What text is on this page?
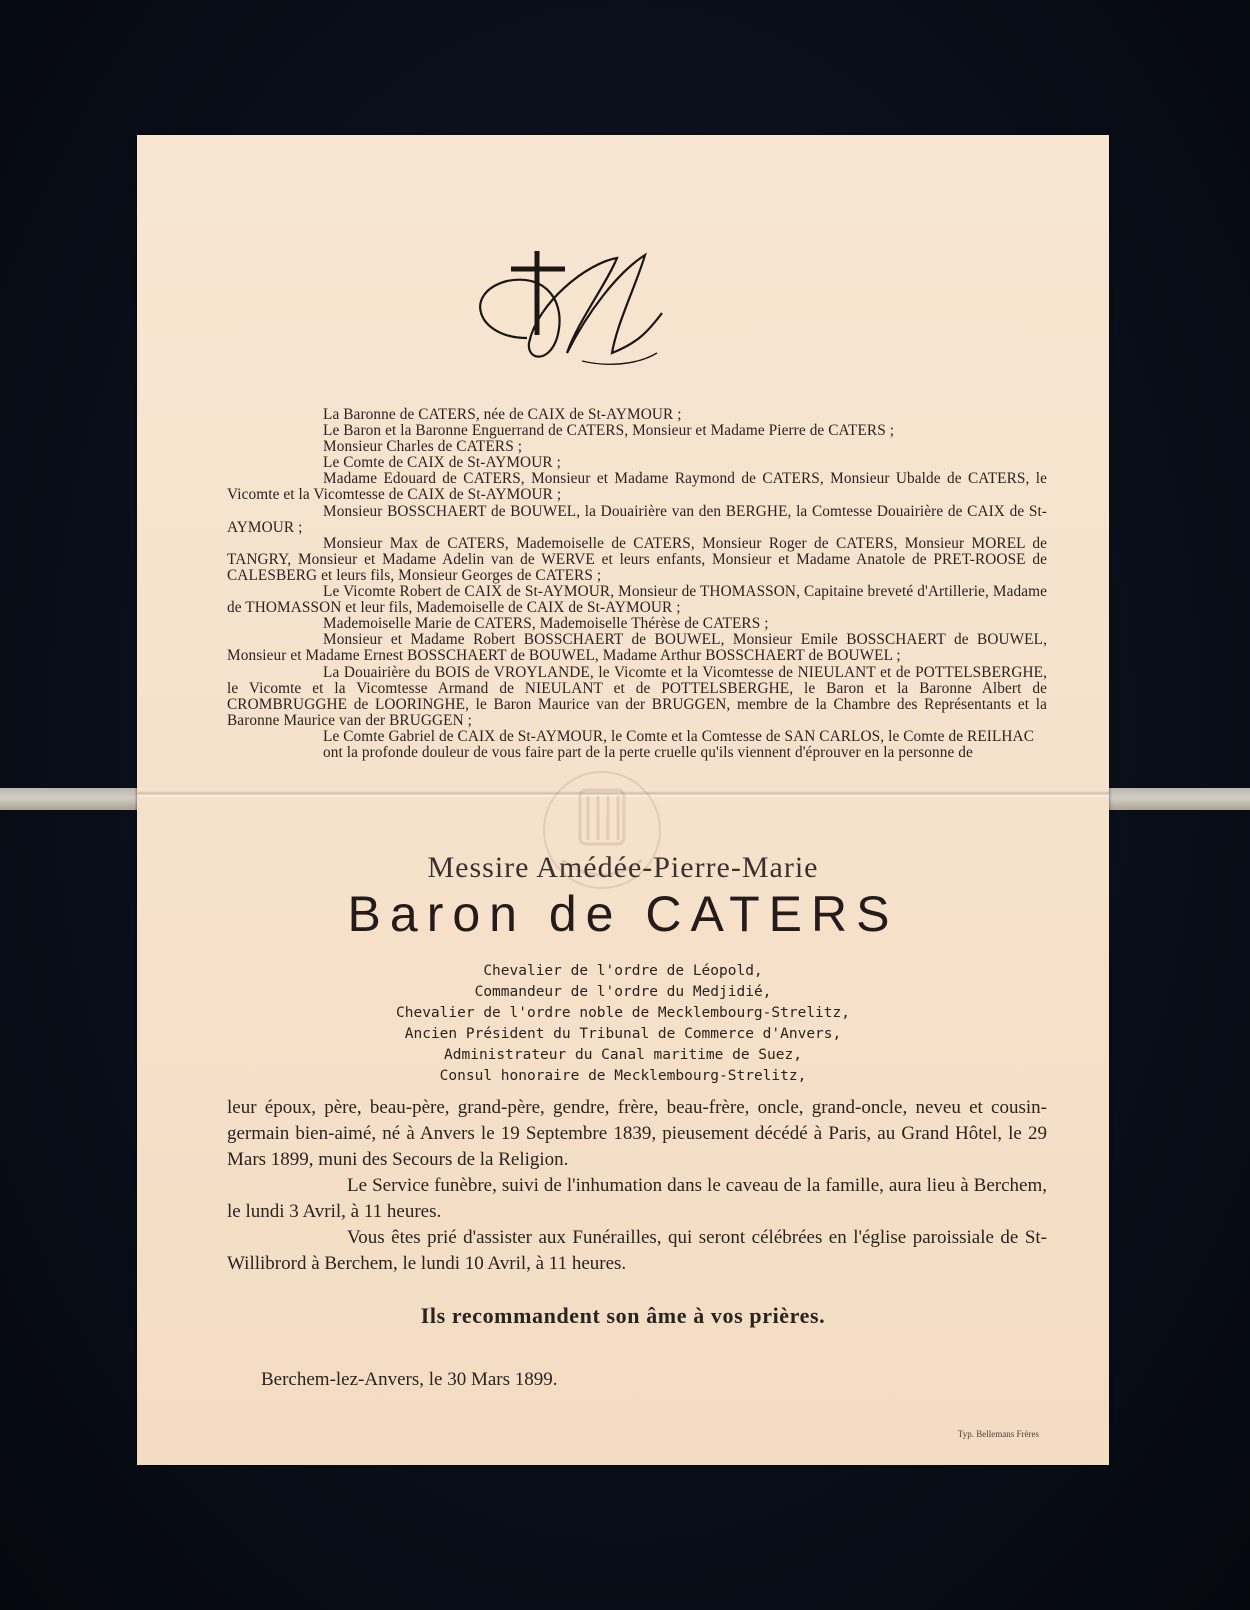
M

La Baronne de CATERS, née de CAIX de St-AYMOUR ;

Le Baron et la Baronne Enguerrand de CATERS, Monsieur et Madame Pierre de CATERS ;

Monsieur Charles de CATERS ;

Le Comte de CAIX de St-AYMOUR ;

Madame Edouard de CATERS, Monsieur et Madame Raymond de CATERS, Monsieur Ubalde de CATERS, le Vicomte et la Vicomtesse de CAIX de St-AYMOUR ;

Monsieur BOSSCHAERT de BOUWEL, la Douairière van den BERGHE, la Comtesse Douairière de CAIX de St-AYMOUR ;

Monsieur Max de CATERS, Mademoiselle de CATERS, Monsieur Roger de CATERS, Monsieur MOREL de TANGRY, Monsieur et Madame Adelin van de WERVE et leurs enfants, Monsieur et Madame Anatole de PRET-ROOSE de CALESBERG et leurs fils, Monsieur Georges de CATERS ;

Le Vicomte Robert de CAIX de St-AYMOUR, Monsieur de THOMASSON, Capitaine breveté d'Artillerie, Madame de THOMASSON et leur fils, Mademoiselle de CAIX de St-AYMOUR ;

Mademoiselle Marie de CATERS, Mademoiselle Thérèse de CATERS ;

Monsieur et Madame Robert BOSSCHAERT de BOUWEL, Monsieur Emile BOSSCHAERT de BOUWEL, Monsieur et Madame Ernest BOSSCHAERT de BOUWEL, Madame Arthur BOSSCHAERT de BOUWEL ;

La Douairière du BOIS de VROYLANDE, le Vicomte et la Vicomtesse de NIEULANT et de POTTELSBERGHE, le Vicomte et la Vicomtesse Armand de NIEULANT et de POTTELSBERGHE, le Baron et la Baronne Albert de CROMBRUGGHE de LOORINGHE, le Baron Maurice van der BRUGGEN, membre de la Chambre des Représentants et la Baronne Maurice van der BRUGGEN ;

Le Comte Gabriel de CAIX de St-AYMOUR, le Comte et la Comtesse de SAN CARLOS, le Comte de REILHAC

ont la profonde douleur de vous faire part de la perte cruelle qu'ils viennent d'éprouver en la personne de

Messire Amédée-Pierre-Marie
Baron de CATERS
Chevalier de l'ordre de Léopold,
Commandeur de l'ordre du Medjidié,
Chevalier de l'ordre noble de Mecklembourg-Strelitz,
Ancien Président du Tribunal de Commerce d'Anvers,
Administrateur du Canal maritime de Suez,
Consul honoraire de Mecklembourg-Strelitz,

leur époux, père, beau-père, grand-père, gendre, frère, beau-frère, oncle, grand-oncle, neveu et cousin-germain bien-aimé, né à Anvers le 19 Septembre 1839, pieusement décédé à Paris, au Grand Hôtel, le 29 Mars 1899, muni des Secours de la Religion.

Le Service funèbre, suivi de l'inhumation dans le caveau de la famille, aura lieu à Berchem, le lundi 3 Avril, à 11 heures.

Vous êtes prié d'assister aux Funérailles, qui seront célébrées en l'église paroissiale de St-Willibrord à Berchem, le lundi 10 Avril, à 11 heures.

Ils recommandent son âme à vos prières.
Berchem-lez-Anvers, le 30 Mars 1899.
Typ. Bellemans Frères
